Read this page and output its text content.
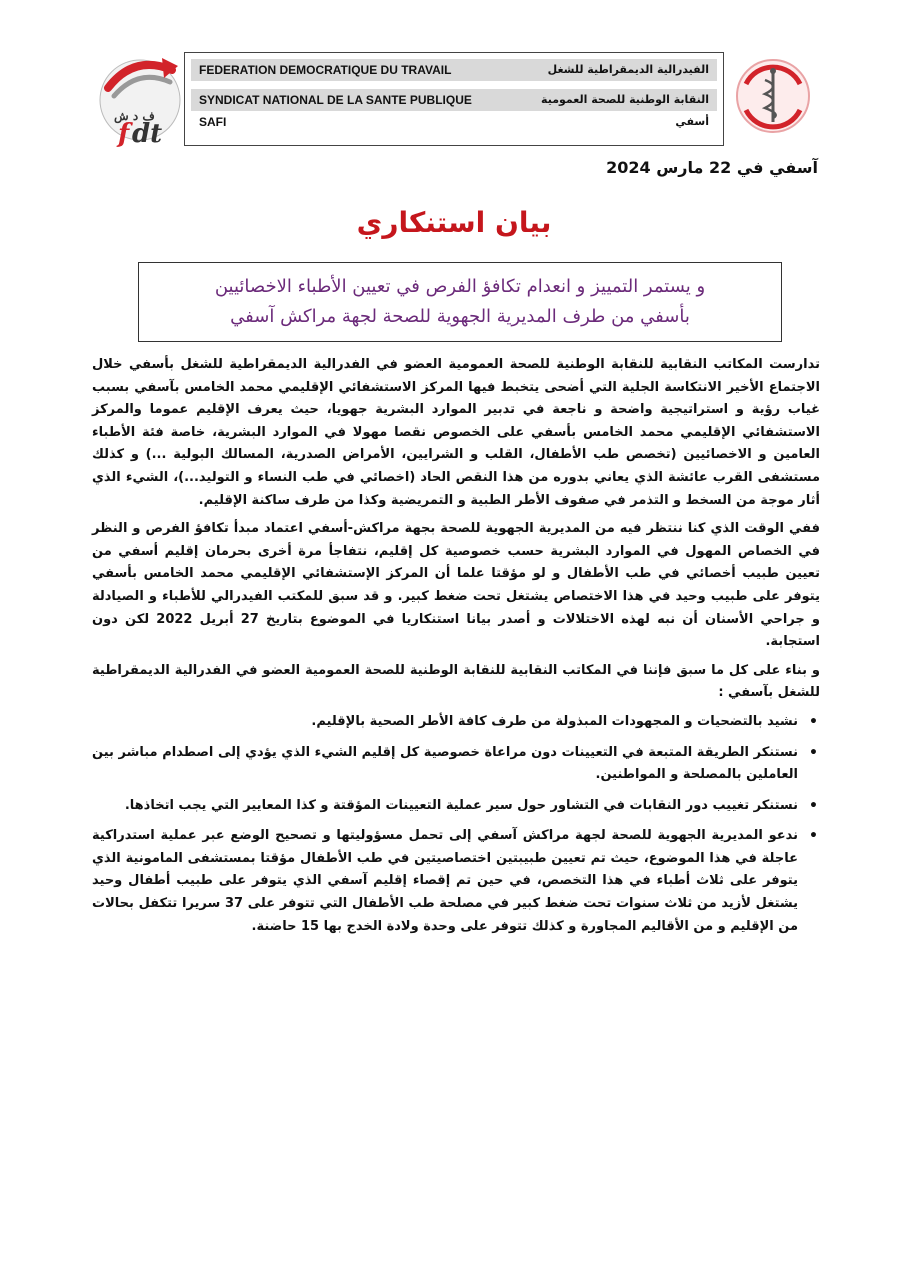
ف د ش
f dt
FEDERATION DEMOCRATIQUE DU TRAVAIL	الفيدرالية الديمقراطية للشغل
SYNDICAT NATIONAL DE LA SANTE PUBLIQUE	النقابة الوطنية للصحة العمومية
SAFI	أسفي
آسفي في 22 مارس 2024
بيان استنكاري
و يستمر التمييز و انعدام تكافؤ الفرص في تعيين الأطباء الاخصائيين
بأسفي من طرف المديرية الجهوية للصحة لجهة مراكش آسفي

تدارست المكاتب النقابية للنقابة الوطنية للصحة العمومية العضو في الفدرالية الديمقراطية للشغل بأسفي خلال الاجتماع الأخير الانتكاسة الجلية التي أضحى يتخبط فيها المركز الاستشفائي الإقليمي محمد الخامس بآسفي بسبب غياب رؤية و استراتيجية واضحة و ناجعة في تدبير الموارد البشرية جهويا، حيث يعرف الإقليم عموما والمركز الاستشفائي الإقليمي محمد الخامس بأسفي على الخصوص نقصا مهولا في الموارد البشرية، خاصة فئة الأطباء العامين و الاخصائيين (تخصص طب الأطفال، القلب و الشرايين، الأمراض الصدرية، المسالك البولية ...) و كذلك مستشفى القرب عائشة الذي يعاني بدوره من هذا النقص الحاد (اخصائي في طب النساء و التوليد...)، الشيء الذي أثار موجة من السخط و التذمر في صفوف الأطر الطبية و التمريضية وكذا من طرف ساكنة الإقليم.

ففي الوقت الذي كنا ننتظر فيه من المديرية الجهوية للصحة بجهة مراكش-أسفي اعتماد مبدأ تكافؤ الفرص و النظر في الخصاص المهول في الموارد البشرية حسب خصوصية كل إقليم، نتفاجأ مرة أخرى بحرمان إقليم أسفي من تعيين طبيب أخصائي في طب الأطفال و لو مؤقتا علما أن المركز الإستشفائي الإقليمي محمد الخامس بأسفي يتوفر على طبيب وحيد في هذا الاختصاص يشتغل تحت ضغط كبير. و قد سبق للمكتب الفيدرالي للأطباء و الصيادلة و جراحي الأسنان أن نبه لهذه الاختلالات و أصدر بيانا استنكاريا في الموضوع بتاريخ 27 أبريل 2022 لكن دون استجابة.

و بناء على كل ما سبق فإننا في المكاتب النقابية للنقابة الوطنية للصحة العمومية العضو في الفدرالية الديمقراطية للشغل بآسفي :

•
نشيد بالتضحيات و المجهودات المبذولة من طرف كافة الأطر الصحية بالإقليم.
•
نستنكر الطريقة المتبعة في التعيينات دون مراعاة خصوصية كل إقليم الشيء الذي يؤدي إلى اصطدام مباشر بين العاملين بالمصلحة و المواطنين.
•
نستنكر تغييب دور النقابات في التشاور حول سير عملية التعيينات المؤقتة و كذا المعايير التي يجب اتخاذها.
•
ندعو المديرية الجهوية للصحة لجهة مراكش آسفي إلى تحمل مسؤوليتها و تصحيح الوضع عبر عملية استدراكية عاجلة في هذا الموضوع، حيث تم تعيين طبيبتين اختصاصيتين في طب الأطفال مؤقتا بمستشفى المامونية الذي يتوفر على ثلاث أطباء في هذا التخصص، في حين تم إقصاء إقليم آسفي الذي يتوفر على طبيب أطفال وحيد يشتغل لأزيد من ثلاث سنوات تحت ضغط كبير في مصلحة طب الأطفال التي تتوفر على 37 سريرا تتكفل بحالات من الإقليم و من الأقاليم المجاورة و كذلك تتوفر على وحدة ولادة الخدج بها 15 حاضنة.
